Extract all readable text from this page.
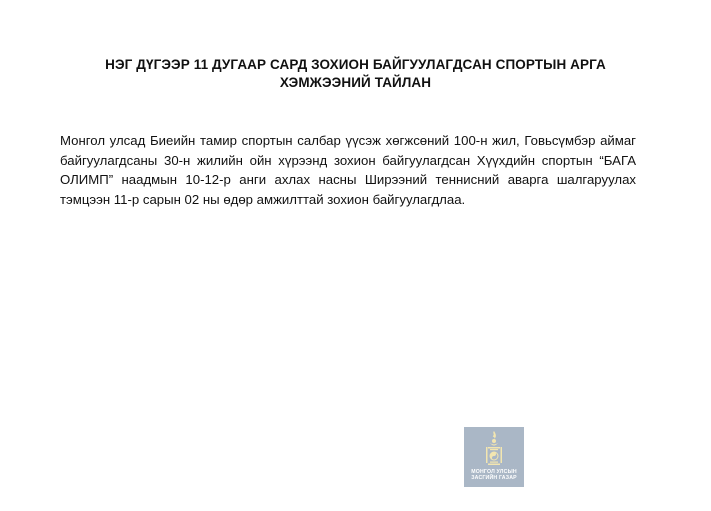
НЭГ ДҮГЭЭР 11 ДУГААР САРД ЗОХИОН БАЙГУУЛАГДСАН СПОРТЫН АРГА ХЭМЖЭЭНИЙ ТАЙЛАН
Монгол улсад Биеийн тамир спортын салбар үүсэж хөгжсөний 100-н жил, Говьсүмбэр аймаг байгуулагдсаны 30-н жилийн ойн хүрээнд зохион байгуулагдсан Хүүхдийн спортын “БАГА ОЛИМП” наадмын 10-12-р анги ахлах насны Ширээний теннисний аварга шалгаруулах тэмцээн 11-р сарын 02 ны өдөр амжилттай зохион байгуулагдлаа.
МОНГОЛ УЛСЫН
ЗАСГИЙН ГАЗАР
